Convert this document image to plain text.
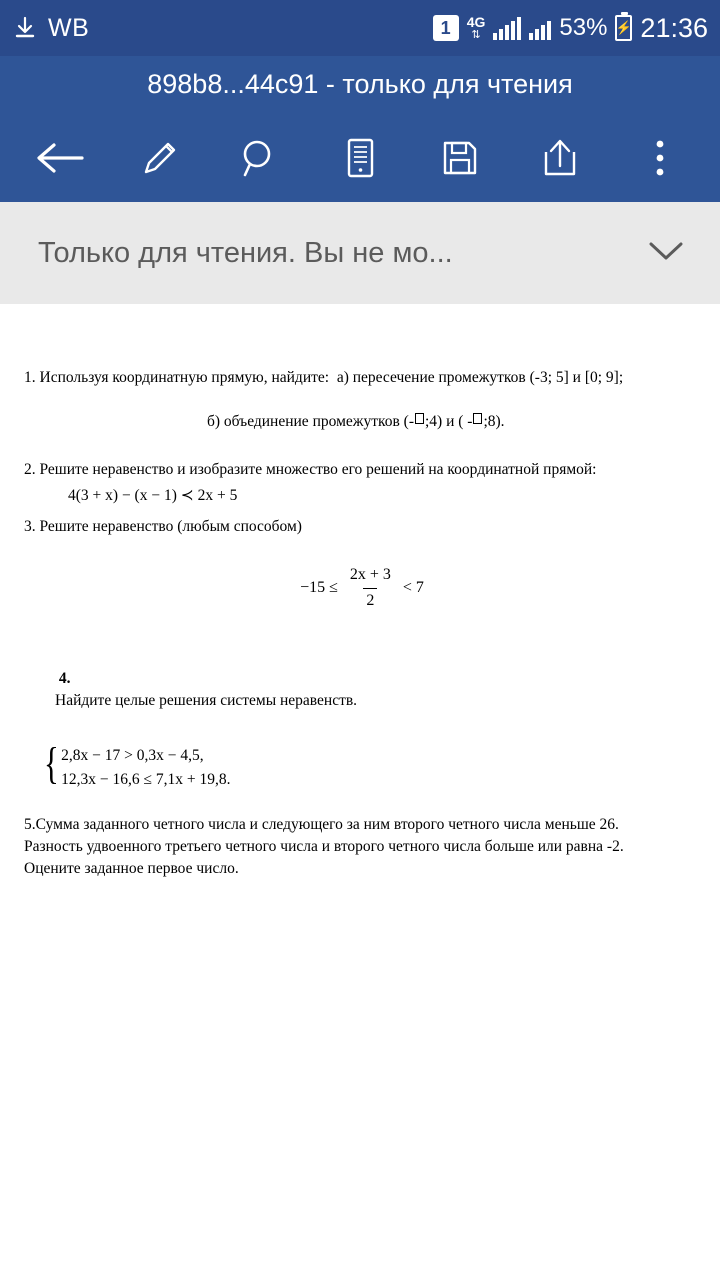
WB	1	4G
⇅	53% ⚡ 21:36
898b8...44c91 - только для чтения
Только для чтения. Вы не мо...
1. Используя координатную прямую, найдите:  а) пересечение промежутков (-3; 5] и [0; 9];

б) объединение промежутков (- ;4) и ( - ;8).

2. Решите неравенство и изобразите множество его решений на координатной прямой:
4(3 + x) − (x − 1) ≺ 2x + 5
3. Решите неравенство (любым способом)
$-15 \le \frac{2x + 3}{2} < 7$

4.
Найдите целые решения системы неравенств.

{ 2,8x − 17 > 0,3x − 4,5,
12,3x − 16,6 ≤ 7,1x + 19,8.
5.Сумма заданного четного числа и следующего за ним второго четного числа меньше 26.
Разность удвоенного третьего четного числа и второго четного числа больше или равна -2.
Оцените заданное первое число.
